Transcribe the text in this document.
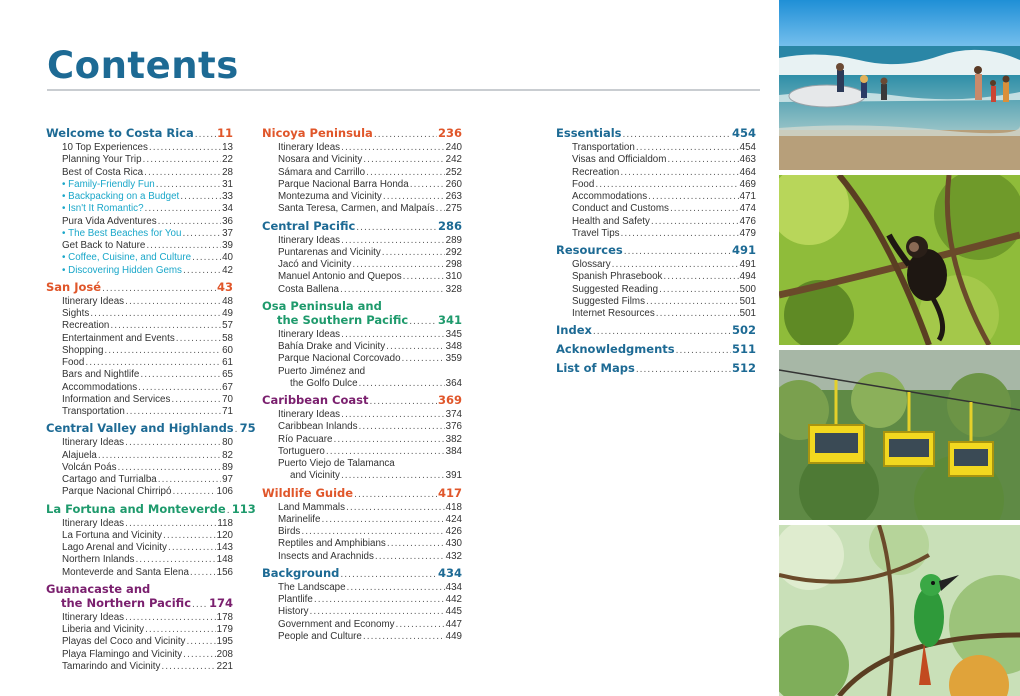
Contents
Welcome to Costa Rica ..... 11
10 Top Experiences .....	13
Planning Your Trip .....	22
Best of Costa Rica .....	28
• Family-Friendly Fun .....	31
• Backpacking on a Budget .....	33
• Isn't It Romantic? .....	34
Pura Vida Adventures .....	36
• The Best Beaches for You .....	37
Get Back to Nature .....	39
• Coffee, Cuisine, and Culture .....	40
• Discovering Hidden Gems .....	42
San José .....	43
Itinerary Ideas .....	48
Sights .....	49
Recreation .....	57
Entertainment and Events .....	58
Shopping .....	60
Food .....	61
Bars and Nightlife .....	65
Accommodations .....	67
Information and Services .....	70
Transportation .....	71
Central Valley and Highlands ..... 75
Itinerary Ideas .....	80
Alajuela .....	82
Volcán Poás .....	89
Cartago and Turrialba .....	97
Parque Nacional Chirripó .....	106
La Fortuna and Monteverde ..... 113
Itinerary Ideas .....	118
La Fortuna and Vicinity .....	120
Lago Arenal and Vicinity .....	143
Northern Inlands .....	148
Monteverde and Santa Elena .....	156
Guanacaste and
the Northern Pacific ..... 174
Itinerary Ideas .....	178
Liberia and Vicinity .....	179
Playas del Coco and Vicinity .....	195
Playa Flamingo and Vicinity .....	208
Tamarindo and Vicinity .....	221
Nicoya Peninsula .....	236
Itinerary Ideas .....	240
Nosara and Vicinity .....	242
Sámara and Carrillo .....	252
Parque Nacional Barra Honda .....	260
Montezuma and Vicinity .....	263
Santa Teresa, Carmen, and Malpaís ..... 275
Central Pacific .....	286
Itinerary Ideas .....	289
Puntarenas and Vicinity .....	292
Jacó and Vicinity .....	298
Manuel Antonio and Quepos .....	310
Costa Ballena .....	328
Osa Peninsula and
the Southern Pacific .....	341
Itinerary Ideas .....	345
Bahía Drake and Vicinity .....	348
Parque Nacional Corcovado .....	359
Puerto Jiménez and
the Golfo Dulce .....	364
Caribbean Coast .....	369
Itinerary Ideas .....	374
Caribbean Inlands .....	376
Río Pacuare .....	382
Tortuguero .....	384
Puerto Viejo de Talamanca
and Vicinity .....	391
Wildlife Guide .....	417
Land Mammals .....	418
Marinelife .....	424
Birds .....	426
Reptiles and Amphibians .....	430
Insects and Arachnids .....	432
Background .....	434
The Landscape .....	434
Plantlife .....	442
History .....	445
Government and Economy .....	447
People and Culture .....	449
Essentials .....	454
Transportation .....	454
Visas and Officialdom .....	463
Recreation .....	464
Food .....	469
Accommodations .....	471
Conduct and Customs .....	474
Health and Safety .....	476
Travel Tips .....	479
Resources .....	491
Glossary .....	491
Spanish Phrasebook .....	494
Suggested Reading .....	500
Suggested Films .....	501
Internet Resources .....	501
Index .....	502
Acknowledgments .....	511
List of Maps .....	512
